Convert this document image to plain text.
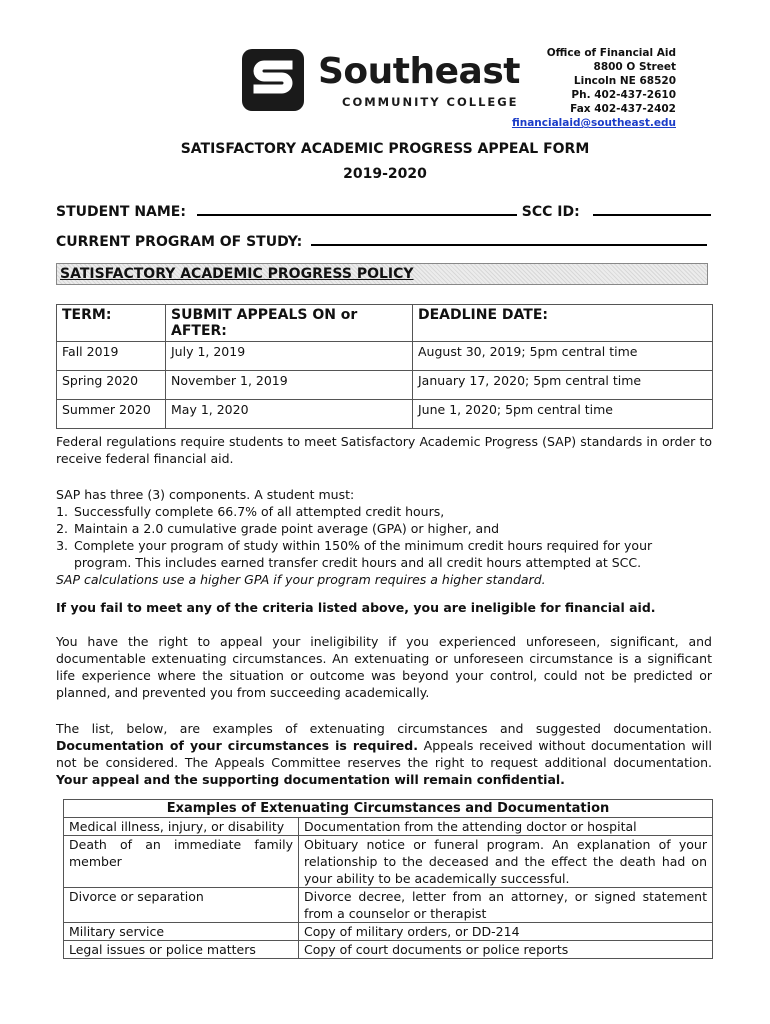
Southeast
COMMUNITY COLLEGE
Office of Financial Aid
8800 O Street
Lincoln NE 68520
Ph. 402-437-2610
Fax 402-437-2402
financialaid@southeast.edu
SATISFACTORY ACADEMIC PROGRESS APPEAL FORM
2019-2020
STUDENT NAME:	SCC ID:
CURRENT PROGRAM OF STUDY:
SATISFACTORY ACADEMIC PROGRESS POLICY
TERM:	SUBMIT APPEALS ON or AFTER:	DEADLINE DATE:
Fall 2019	July 1, 2019	August 30, 2019; 5pm central time
Spring 2020	November 1, 2019	January 17, 2020; 5pm central time
Summer 2020	May 1, 2020	June 1, 2020; 5pm central time
Federal regulations require students to meet Satisfactory Academic Progress (SAP) standards in order to receive federal financial aid.
SAP has three (3) components. A student must:
1. Successfully complete 66.7% of all attempted credit hours,
2. Maintain a 2.0 cumulative grade point average (GPA) or higher, and
3. Complete your program of study within 150% of the minimum credit hours required for your program. This includes earned transfer credit hours and all credit hours attempted at SCC.
SAP calculations use a higher GPA if your program requires a higher standard.
If you fail to meet any of the criteria listed above, you are ineligible for financial aid.
You have the right to appeal your ineligibility if you experienced unforeseen, significant, and documentable extenuating circumstances. An extenuating or unforeseen circumstance is a significant life experience where the situation or outcome was beyond your control, could not be predicted or planned, and prevented you from succeeding academically.
The list, below, are examples of extenuating circumstances and suggested documentation. Documentation of your circumstances is required. Appeals received without documentation will not be considered. The Appeals Committee reserves the right to request additional documentation. Your appeal and the supporting documentation will remain confidential.
Examples of Extenuating Circumstances and Documentation	
Medical illness, injury, or disability	Documentation from the attending doctor or hospital
Death of an immediate family member	Obituary notice or funeral program. An explanation of your relationship to the deceased and the effect the death had on your ability to be academically successful.
Divorce or separation	Divorce decree, letter from an attorney, or signed statement from a counselor or therapist
Military service	Copy of military orders, or DD-214
Legal issues or police matters	Copy of court documents or police reports
